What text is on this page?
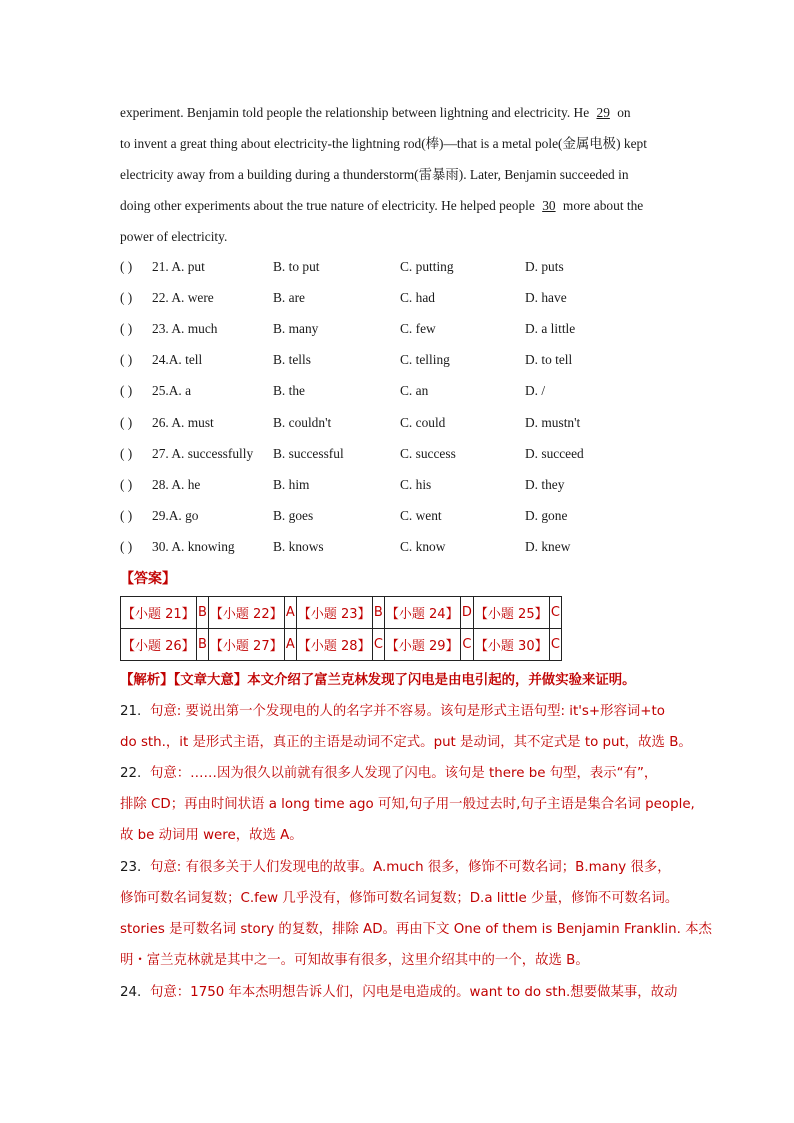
experiment. Benjamin told people the relationship between lightning and electricity. He 29 on

to invent a great thing about electricity-the lightning rod(棒)—that is a metal pole(金属电极) kept

electricity away from a building during a thunderstorm(雷暴雨). Later, Benjamin succeeded in

doing other experiments about the true nature of electricity. He helped people 30 more about the

power of electricity.

( ) 21. A. put	B. to put	C. putting	D. puts
( ) 22. A. were	B. are	C. had	D. have
( ) 23. A. much	B. many	C. few	D. a little
( ) 24.A. tell	B. tells	C. telling	D. to tell
( ) 25.A. a	B. the	C. an	D. /
( ) 26. A. must	B. couldn't	C. could	D. mustn't
( ) 27. A. successfully B. successful	C. success	D. succeed
( ) 28. A. he	B. him	C. his	D. they
( ) 29.A. go	B. goes	C. went	D. gone
( ) 30. A. knowing	B. knows	C. know	D. knew
【答案】
【小题 21】	B	【小题 22】	A	【小题 23】	B	【小题 24】	D	【小题 25】	C
【小题 26】	B	【小题 27】	A	【小题 28】	C	【小题 29】	C	【小题 30】	C
【解析】【文章大意】本文介绍了富兰克林发现了闪电是由电引起的，并做实验来证明。
21. 句意: 要说出第一个发现电的人的名字并不容易。该句是形式主语句型: it's+形容词+to
do sth.，it 是形式主语，真正的主语是动词不定式。put 是动词，其不定式是 to put，故选 B。
22. 句意：……因为很久以前就有很多人发现了闪电。该句是 there be 句型，表示“有”，
排除 CD；再由时间状语 a long time ago 可知,句子用一般过去时,句子主语是集合名词 people,
故 be 动词用 were，故选 A。
23. 句意: 有很多关于人们发现电的故事。A.much 很多，修饰不可数名词；B.many 很多，
修饰可数名词复数；C.few 几乎没有，修饰可数名词复数；D.a little 少量，修饰不可数名词。
stories 是可数名词 story 的复数，排除 AD。再由下文 One of them is Benjamin Franklin. 本杰
明・富兰克林就是其中之一。可知故事有很多，这里介绍其中的一个，故选 B。
24. 句意：1750 年本杰明想告诉人们，闪电是电造成的。want to do sth.想要做某事，故动
